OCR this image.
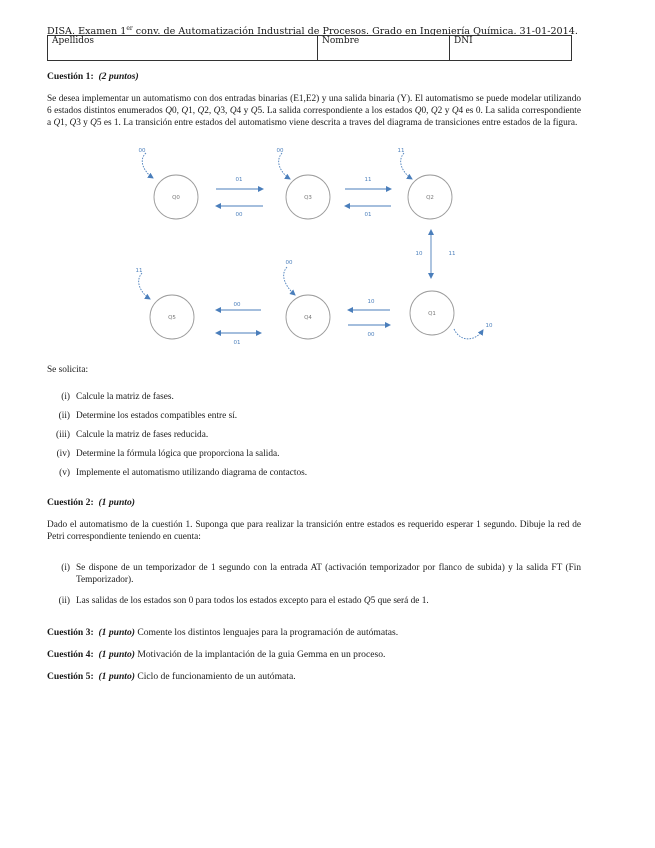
DISA. Examen 1er conv. de Automatización Industrial de Procesos. Grado en Ingeniería Química. 31-01-2014.
Apellidos	Nombre	DNI
Cuestión 1: (2 puntos)
Se desea implementar un automatismo con dos entradas binarias (E1,E2) y una salida binaria (Y). El automatismo se puede modelar utilizando 6 estados distintos enumerados Q0, Q1, Q2, Q3, Q4 y Q5. La salida correspondiente a los estados Q0, Q2 y Q4 es 0. La salida correspondiente a Q1, Q3 y Q5 es 1. La transición entre estados del automatismo viene descrita a traves del diagrama de transiciones entre estados de la figura.
Q0	Q3	Q2
Q5	Q4
Q1
00	00	11
11
00
10
01
00
11
01
10	11
00
01
10
00
Se solicita:
(i) Calcule la matriz de fases.
(ii) Determine los estados compatibles entre sí.
(iii) Calcule la matriz de fases reducida.
(iv) Determine la fórmula lógica que proporciona la salida.
(v) Implemente el automatismo utilizando diagrama de contactos.
Cuestión 2: (1 punto)
Dado el automatismo de la cuestión 1. Suponga que para realizar la transición entre estados es requerido esperar 1 segundo. Dibuje la red de Petri correspondiente teniendo en cuenta:
(i) Se dispone de un temporizador de 1 segundo con la entrada AT (activación temporizador por flanco de subida) y la salida FT (Fin Temporizador).
(ii) Las salidas de los estados son 0 para todos los estados excepto para el estado Q5 que será de 1.
Cuestión 3: (1 punto) Comente los distintos lenguajes para la programación de autómatas.
Cuestión 4: (1 punto) Motivación de la implantación de la guia Gemma en un proceso.
Cuestión 5: (1 punto) Ciclo de funcionamiento de un autómata.
